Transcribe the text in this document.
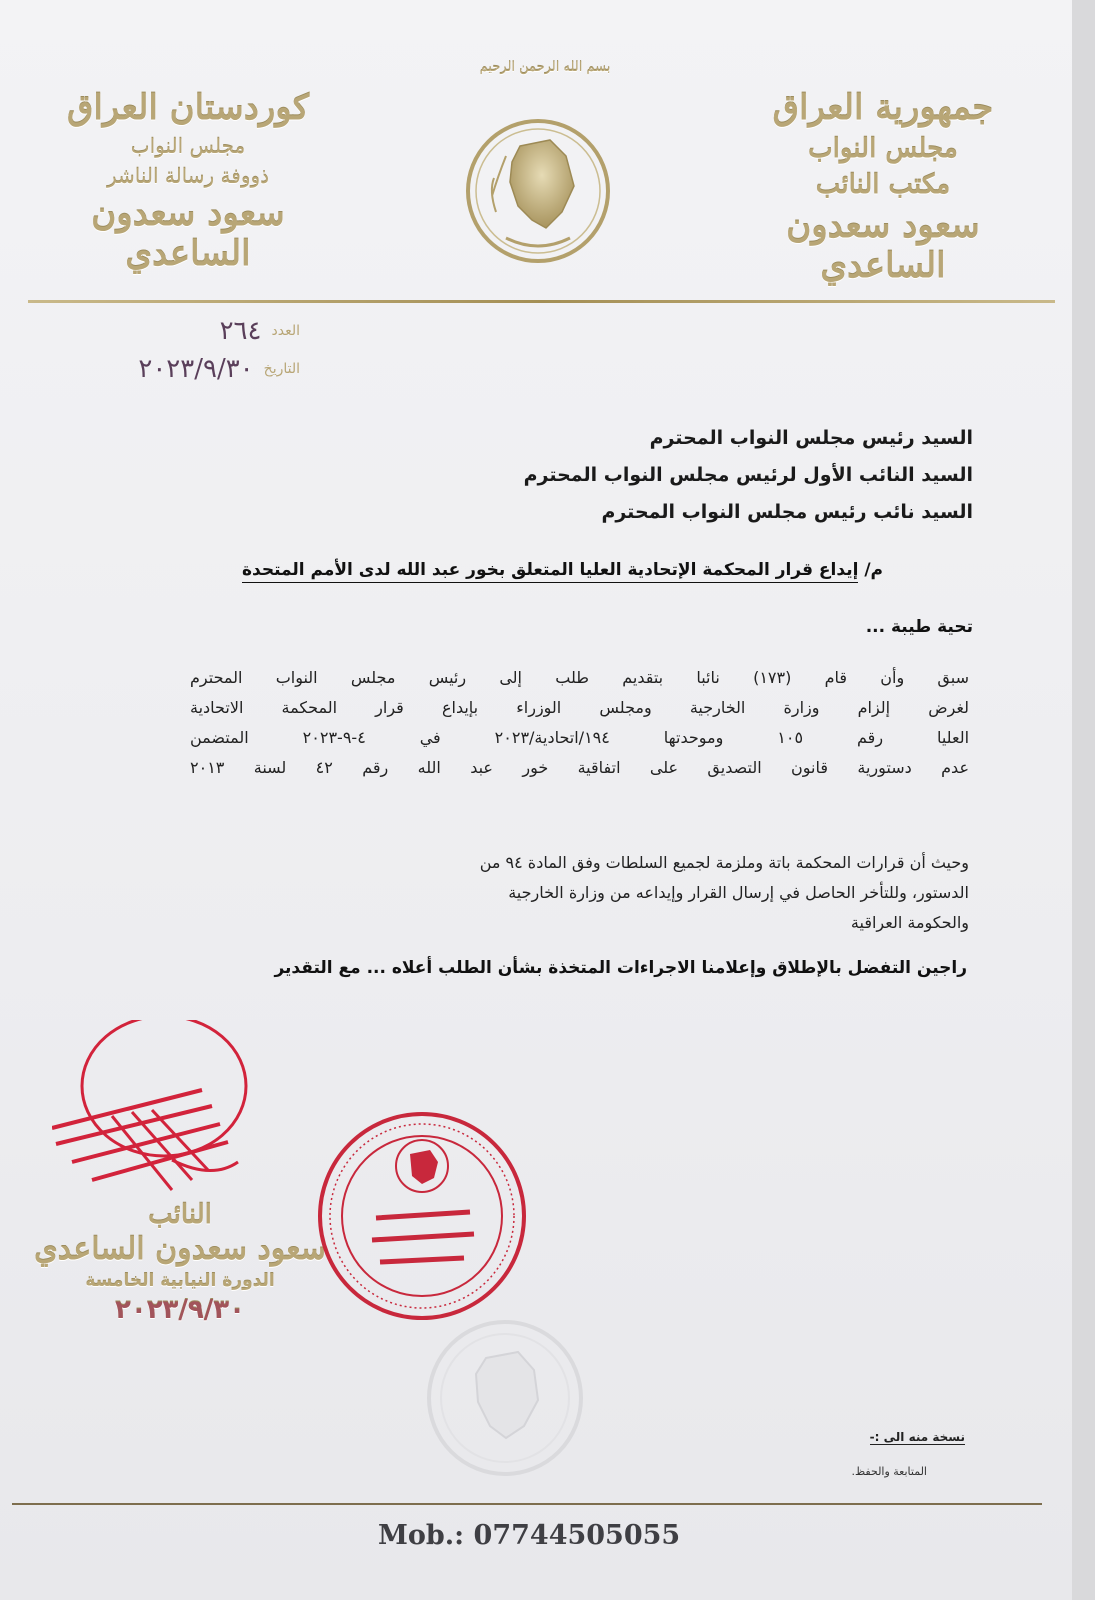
جمهورية العراق
مجلس النواب
مكتب النائب
سعود سعدون الساعدي
كوردستان العراق
مجلس النواب
ذووفة رسالة الناشر
سعود سعدون الساعدي
بسم الله الرحمن الرحيم
العدد
٢٦٤
التاريخ
٢٠٢٣/٩/٣٠
السيد رئيس مجلس النواب المحترم
السيد النائب الأول لرئيس مجلس النواب المحترم
السيد نائب رئيس مجلس النواب المحترم
م/ إيداع قرار المحكمة الإتحادية العليا المتعلق بخور عبد الله لدى الأمم المتحدة
تحية طيبة ...

سبق وأن قام (١٧٣) نائبا بتقديم طلب إلى رئيس مجلس النواب المحترم

لغرض إلزام وزارة الخارجية ومجلس الوزراء بإيداع قرار المحكمة الاتحادية

العليا رقم ١٠٥ وموحدتها ١٩٤/اتحادية/٢٠٢٣ في ٤-٩-٢٠٢٣ المتضمن

عدم دستورية قانون التصديق على اتفاقية خور عبد الله رقم ٤٢ لسنة ٢٠١٣

وحيث أن قرارات المحكمة باتة وملزمة لجميع السلطات وفق المادة ٩٤ من

الدستور، وللتأخر الحاصل في إرسال القرار وإيداعه من وزارة الخارجية

والحكومة العراقية

راجين التفضل بالإطلاق وإعلامنا الاجراءات المتخذة بشأن الطلب أعلاه ... مع التقدير
النائب
سعود سعدون الساعدي
الدورة النيابية الخامسة
٢٠٢٣/٩/٣٠
نسخة منه الى :-
المتابعة والحفظ.
Mob.: 07744505055
